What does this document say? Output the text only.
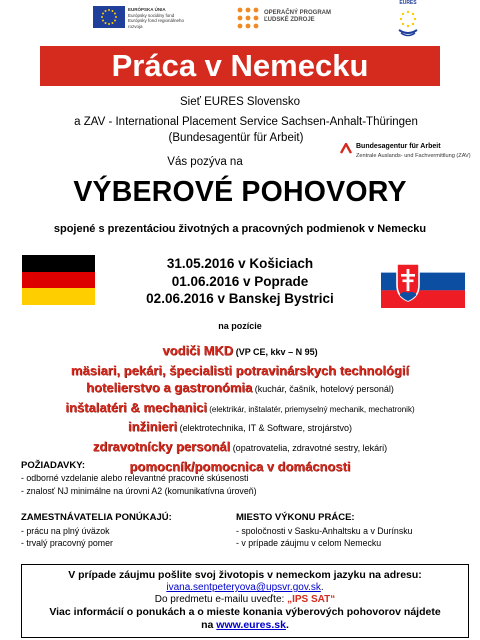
EURÓPSKA ÚNIA
Európsky sociálny fond
Európsky fond regionálneho rozvoja
OPERAČNÝ PROGRAM
ĽUDSKÉ ZDROJE
EURES
Práca v Nemecku
Sieť EURES Slovensko
a ZAV - International Placement Service Sachsen-Anhalt-Thüringen
(Bundesagentür für Arbeit)
Vás pozýva na
Bundesagentur für Arbeit
Zentrale Auslands- und Fachvermittlung (ZAV)
VÝBEROVÉ POHOVORY
spojené s prezentáciou životných a pracovných podmienok v Nemecku
31.05.2016 v Košiciach
01.06.2016 v Poprade
02.06.2016 v Banskej Bystrici
na pozície
vodiči MKD (VP CE, kkv – N 95)
mäsiari, pekári, špecialisti potravinárskych technológií
hotelierstvo a gastronómia (kuchár, čašník, hotelový personál)
inštalatéri & mechanici (elektrikár, inštalatér, priemyselný mechanik, mechatronik)
inžinieri (elektrotechnika, IT & Software, strojárstvo)
zdravotnícky personál (opatrovatelia, zdravotné sestry, lekári)
pomocník/pomocnica v domácnosti
POŽIADAVKY:
- odborné vzdelanie alebo relevantné pracovné skúsenosti
- znalosť NJ minimálne na úrovni A2 (komunikatívna úroveň)
ZAMESTNÁVATELIA PONÚKAJÚ:
- prácu na plný úväzok
- trvalý pracovný pomer
MIESTO VÝKONU PRÁCE:
- spoločnosti v Sasku-Anhaltsku a v Durínsku
- v prípade záujmu v celom Nemecku
V prípade záujmu pošlite svoj životopis v nemeckom jazyku na adresu:
ivana.sentpeteryova@upsvr.gov.sk.
Do predmetu e-mailu uveďte: „IPS SAT“
Viac informácií o ponukách a o mieste konania výberových pohovorov nájdete
na www.eures.sk.
